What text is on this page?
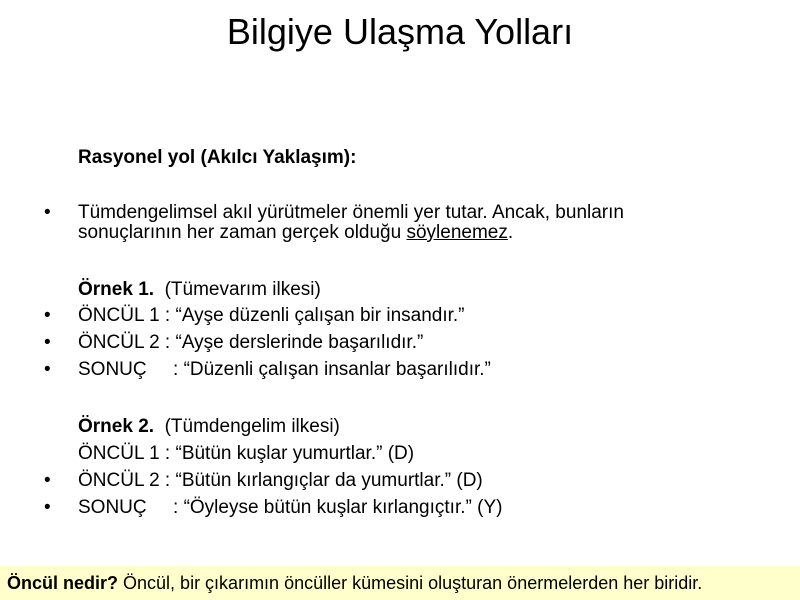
Bilgiye Ulaşma Yolları
Rasyonel yol (Akılcı Yaklaşım):
• Tümdengelimsel akıl yürütmeler önemli yer tutar. Ancak, bunların
sonuçlarının her zaman gerçek olduğu söylenemez.
Örnek 1. (Tümevarım ilkesi)
• ÖNCÜL 1 : “Ayşe düzenli çalışan bir insandır.”
• ÖNCÜL 2 : “Ayşe derslerinde başarılıdır.”
• SONUÇ     : “Düzenli çalışan insanlar başarılıdır.”
Örnek 2. (Tümdengelim ilkesi)
ÖNCÜL 1 : “Bütün kuşlar yumurtlar.” (D)
• ÖNCÜL 2 : “Bütün kırlangıçlar da yumurtlar.” (D)
• SONUÇ     : “Öyleyse bütün kuşlar kırlangıçtır.” (Y)
Öncül nedir? Öncül, bir çıkarımın öncüller kümesini oluşturan önermelerden her biridir.
